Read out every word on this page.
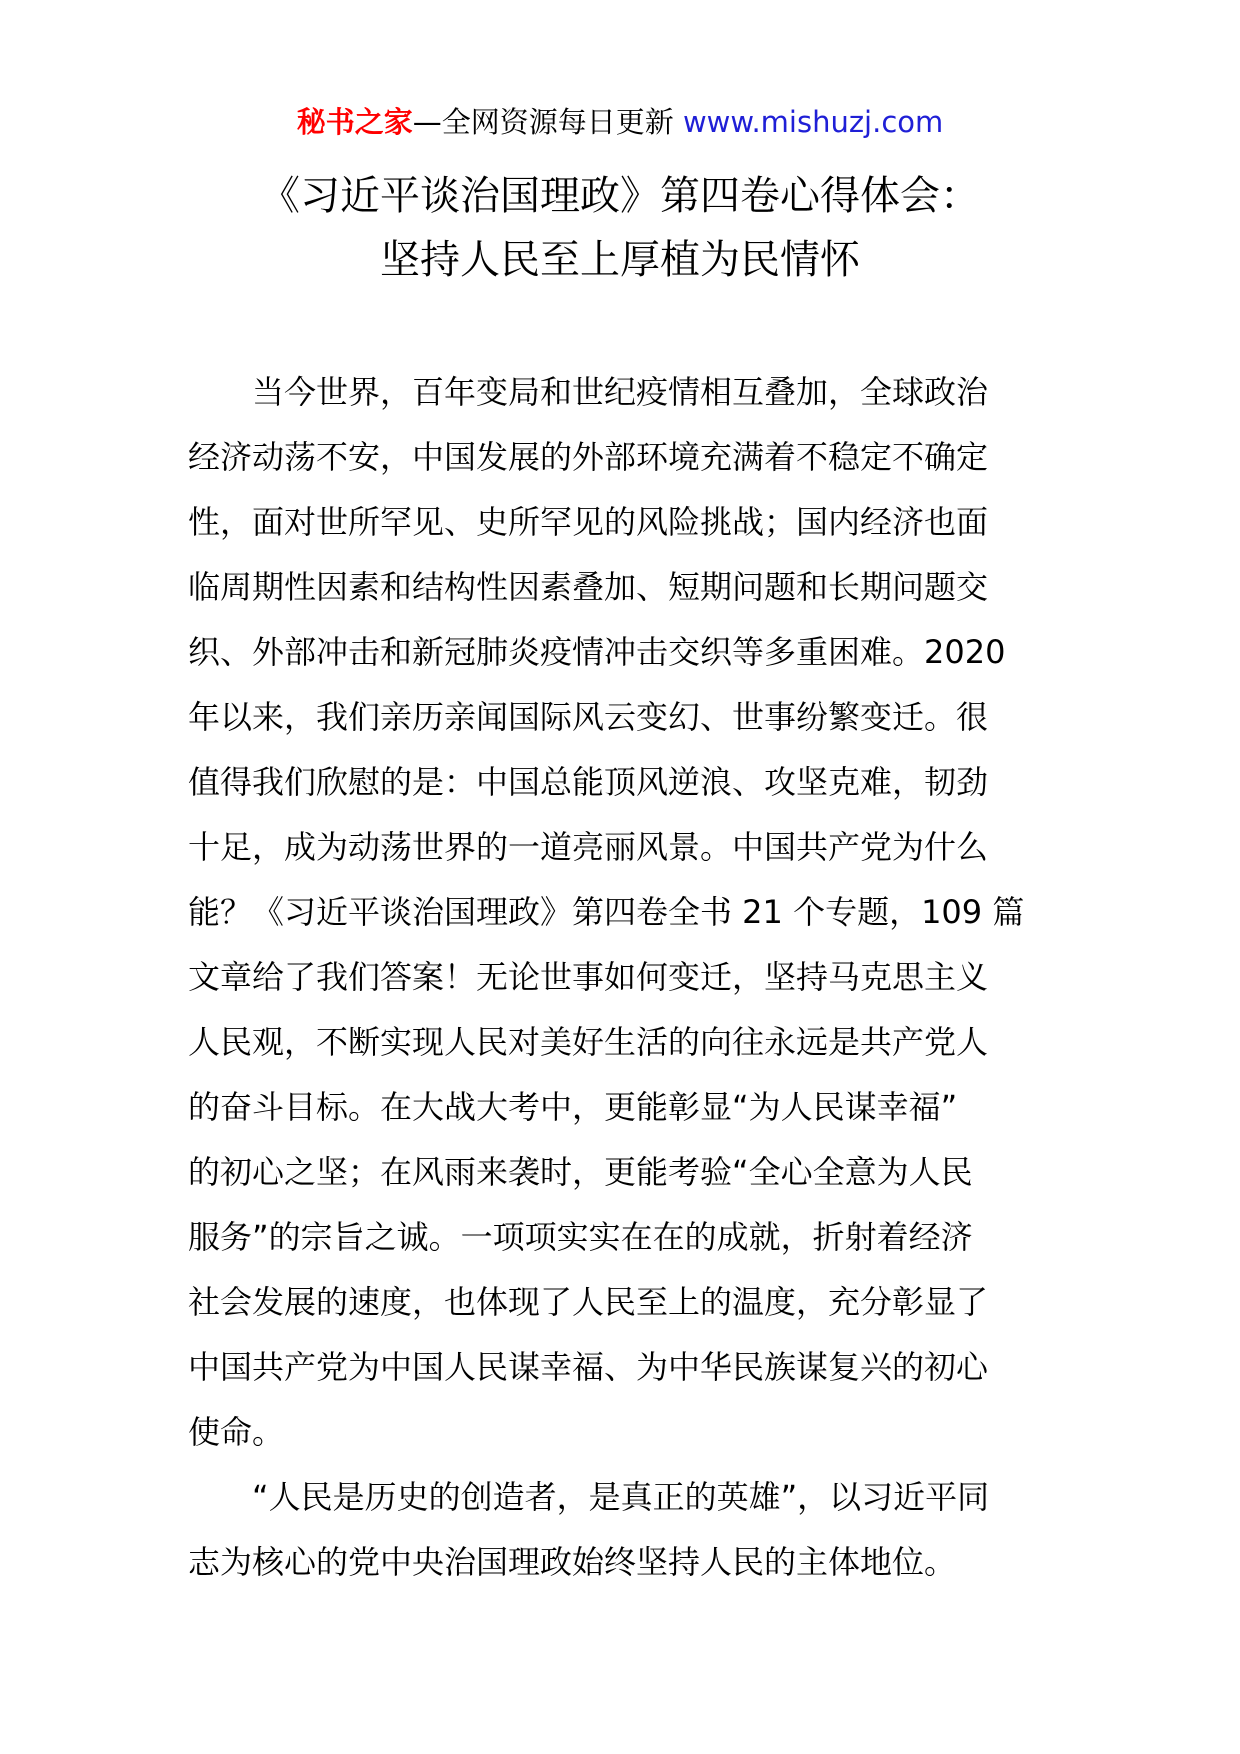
秘书之家—全网资源每日更新 www.mishuzj.com
《习近平谈治国理政》第四卷心得体会：
坚持人民至上厚植为民情怀
当今世界，百年变局和世纪疫情相互叠加，全球政治
经济动荡不安，中国发展的外部环境充满着不稳定不确定
性，面对世所罕见、史所罕见的风险挑战；国内经济也面
临周期性因素和结构性因素叠加、短期问题和长期问题交
织、外部冲击和新冠肺炎疫情冲击交织等多重困难。2020
年以来，我们亲历亲闻国际风云变幻、世事纷繁变迁。很
值得我们欣慰的是：中国总能顶风逆浪、攻坚克难，韧劲
十足，成为动荡世界的一道亮丽风景。中国共产党为什么
能？《习近平谈治国理政》第四卷全书 21 个专题，109 篇
文章给了我们答案！无论世事如何变迁，坚持马克思主义
人民观，不断实现人民对美好生活的向往永远是共产党人
的奋斗目标。在大战大考中，更能彰显“为人民谋幸福”
的初心之坚；在风雨来袭时，更能考验“全心全意为人民
服务”的宗旨之诚。一项项实实在在的成就，折射着经济
社会发展的速度，也体现了人民至上的温度，充分彰显了
中国共产党为中国人民谋幸福、为中华民族谋复兴的初心
使命。
“人民是历史的创造者，是真正的英雄”，以习近平同
志为核心的党中央治国理政始终坚持人民的主体地位。
